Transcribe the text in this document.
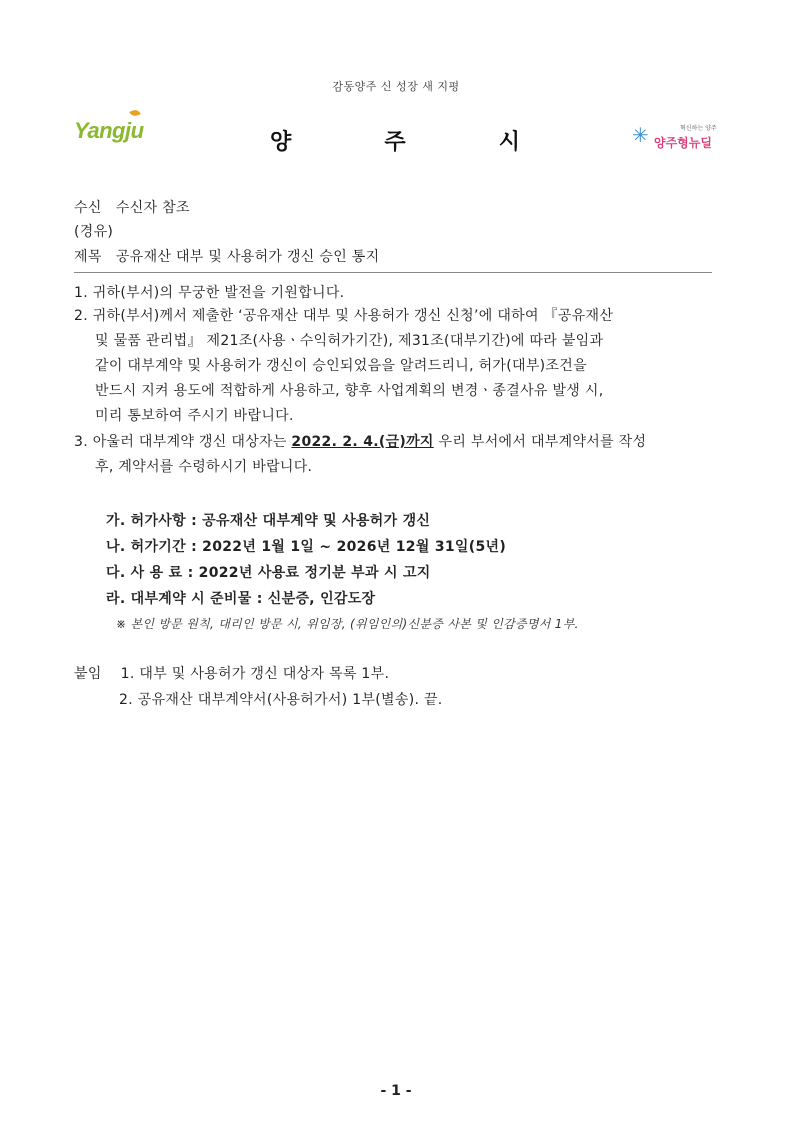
감동양주 신 성장 새 지평
Yangju	양	주	시	✳	혁신하는 양주
양주형뉴딜
수신 수신자 참조
(경유)
제목 공유재산 대부 및 사용허가 갱신 승인 통지
1. 귀하(부서)의 무궁한 발전을 기원합니다.
2. 귀하(부서)께서 제출한 ‘공유재산 대부 및 사용허가 갱신 신청’에 대하여 『공유재산
및 물품 관리법』 제21조(사용ㆍ수익허가기간), 제31조(대부기간)에 따라 붙임과
같이 대부계약 및 사용허가 갱신이 승인되었음을 알려드리니, 허가(대부)조건을
반드시 지켜 용도에 적합하게 사용하고, 향후 사업계획의 변경ㆍ종결사유 발생 시,
미리 통보하여 주시기 바랍니다.
3. 아울러 대부계약 갱신 대상자는 2022. 2. 4.(금)까지 우리 부서에서 대부계약서를 작성
후, 계약서를 수령하시기 바랍니다.
가. 허가사항 : 공유재산 대부계약 및 사용허가 갱신
나. 허가기간 : 2022년 1월 1일 ~ 2026년 12월 31일(5년)
다. 사 용 료 : 2022년 사용료 정기분 부과 시 고지
라. 대부계약 시 준비물 : 신분증, 인감도장
※ 본인 방문 원칙, 대리인 방문 시, 위임장, (위임인의)신분증 사본 및 인감증명서 1부.
붙임 1. 대부 및 사용허가 갱신 대상자 목록 1부.
2. 공유재산 대부계약서(사용허가서) 1부(별송). 끝.
- 1 -
